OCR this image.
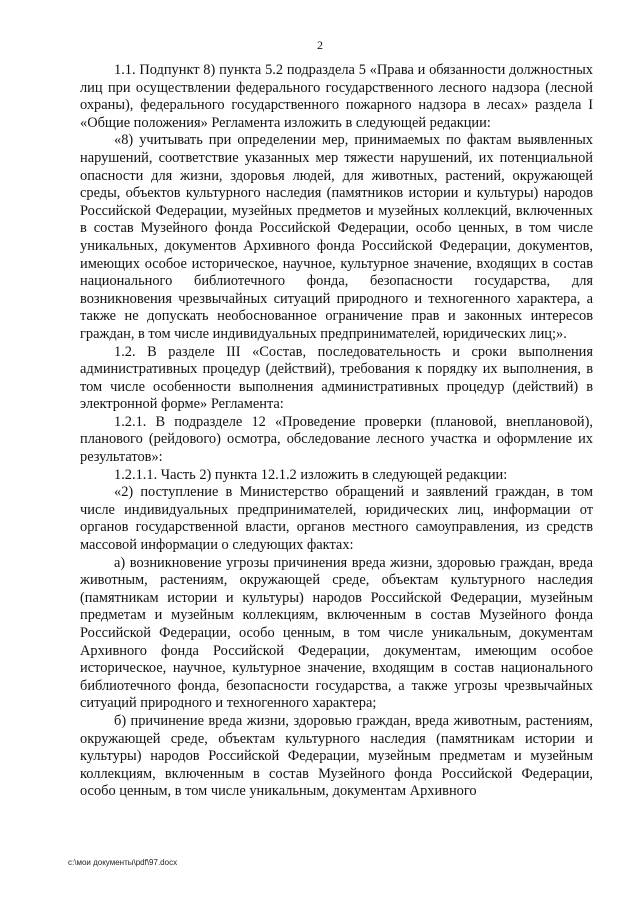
2

1.1. Подпункт 8) пункта 5.2 подраздела 5 «Права и обязанности должностных лиц при осуществлении федерального государственного лесного надзора (лесной охраны), федерального государственного пожарного надзора в лесах» раздела I «Общие положения» Регламента изложить в следующей редакции:

«8) учитывать при определении мер, принимаемых по фактам выявленных нарушений, соответствие указанных мер тяжести нарушений, их потенциальной опасности для жизни, здоровья людей, для животных, растений, окружающей среды, объектов культурного наследия (памятников истории и культуры) народов Российской Федерации, музейных предметов и музейных коллекций, включенных в состав Музейного фонда Российской Федерации, особо ценных, в том числе уникальных, документов Архивного фонда Российской Федерации, документов, имеющих особое историческое, научное, культурное значение, входящих в состав национального библиотечного фонда, безопасности государства, для возникновения чрезвычайных ситуаций природного и техногенного характера, а также не допускать необоснованное ограничение прав и законных интересов граждан, в том числе индивидуальных предпринимателей, юридических лиц;».

1.2. В разделе III «Состав, последовательность и сроки выполнения административных процедур (действий), требования к порядку их выполнения, в том числе особенности выполнения административных процедур (действий) в электронной форме» Регламента:

1.2.1. В подразделе 12 «Проведение проверки (плановой, внеплановой), планового (рейдового) осмотра, обследование лесного участка и оформление их результатов»:

1.2.1.1. Часть 2) пункта 12.1.2 изложить в следующей редакции:

«2) поступление в Министерство обращений и заявлений граждан, в том числе индивидуальных предпринимателей, юридических лиц, информации от органов государственной власти, органов местного самоуправления, из средств массовой информации о следующих фактах:

а) возникновение угрозы причинения вреда жизни, здоровью граждан, вреда животным, растениям, окружающей среде, объектам культурного наследия (памятникам истории и культуры) народов Российской Федерации, музейным предметам и музейным коллекциям, включенным в состав Музейного фонда Российской Федерации, особо ценным, в том числе уникальным, документам Архивного фонда Российской Федерации, документам, имеющим особое историческое, научное, культурное значение, входящим в состав национального библиотечного фонда, безопасности государства, а также угрозы чрезвычайных ситуаций природного и техногенного характера;

б) причинение вреда жизни, здоровью граждан, вреда животным, растениям, окружающей среде, объектам культурного наследия (памятникам истории и культуры) народов Российской Федерации, музейным предметам и музейным коллекциям, включенным в состав Музейного фонда Российской Федерации, особо ценным, в том числе уникальным, документам Архивного

c:\мои документы\pdf\97.docx
